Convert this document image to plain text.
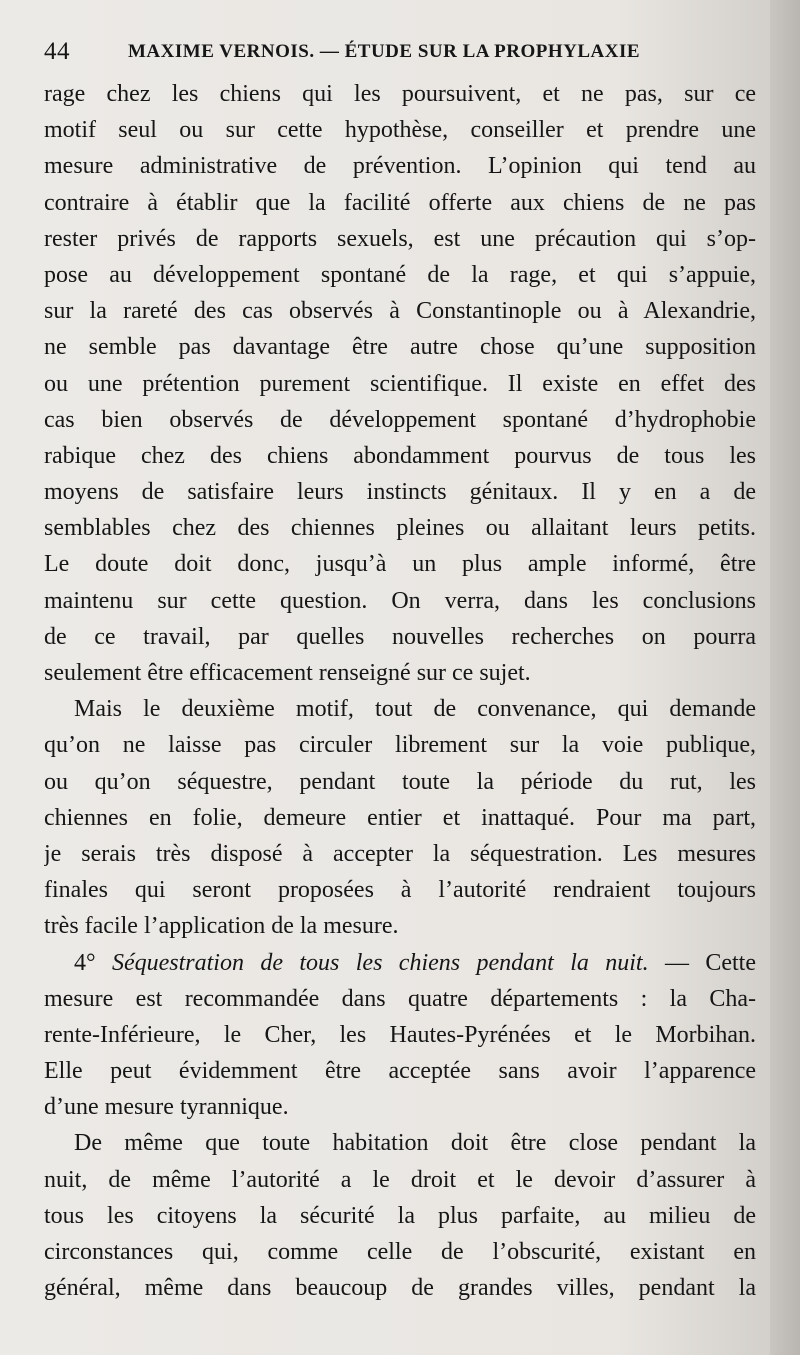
44	MAXIME VERNOIS. — ÉTUDE SUR LA PROPHYLAXIE
rage chez les chiens qui les poursuivent, et ne pas, sur ce
motif seul ou sur cette hypothèse, conseiller et prendre une
mesure administrative de prévention. L’opinion qui tend au
contraire à établir que la facilité offerte aux chiens de ne pas
rester privés de rapports sexuels, est une précaution qui s’op-
pose au développement spontané de la rage, et qui s’appuie,
sur la rareté des cas observés à Constantinople ou à Alexandrie,
ne semble pas davantage être autre chose qu’une supposition
ou une prétention purement scientifique. Il existe en effet des
cas bien observés de développement spontané d’hydrophobie
rabique chez des chiens abondamment pourvus de tous les
moyens de satisfaire leurs instincts génitaux. Il y en a de
semblables chez des chiennes pleines ou allaitant leurs petits.
Le doute doit donc, jusqu’à un plus ample informé, être
maintenu sur cette question. On verra, dans les conclusions
de ce travail, par quelles nouvelles recherches on pourra
seulement être efficacement renseigné sur ce sujet.
Mais le deuxième motif, tout de convenance, qui demande
qu’on ne laisse pas circuler librement sur la voie publique,
ou qu’on séquestre, pendant toute la période du rut, les
chiennes en folie, demeure entier et inattaqué. Pour ma part,
je serais très disposé à accepter la séquestration. Les mesures
finales qui seront proposées à l’autorité rendraient toujours
très facile l’application de la mesure.
4° Séquestration de tous les chiens pendant la nuit. — Cette
mesure est recommandée dans quatre départements : la Cha-
rente-Inférieure, le Cher, les Hautes-Pyrénées et le Morbihan.
Elle peut évidemment être acceptée sans avoir l’apparence
d’une mesure tyrannique.
De même que toute habitation doit être close pendant la
nuit, de même l’autorité a le droit et le devoir d’assurer à
tous les citoyens la sécurité la plus parfaite, au milieu de
circonstances qui, comme celle de l’obscurité, existant en
général, même dans beaucoup de grandes villes, pendant la
